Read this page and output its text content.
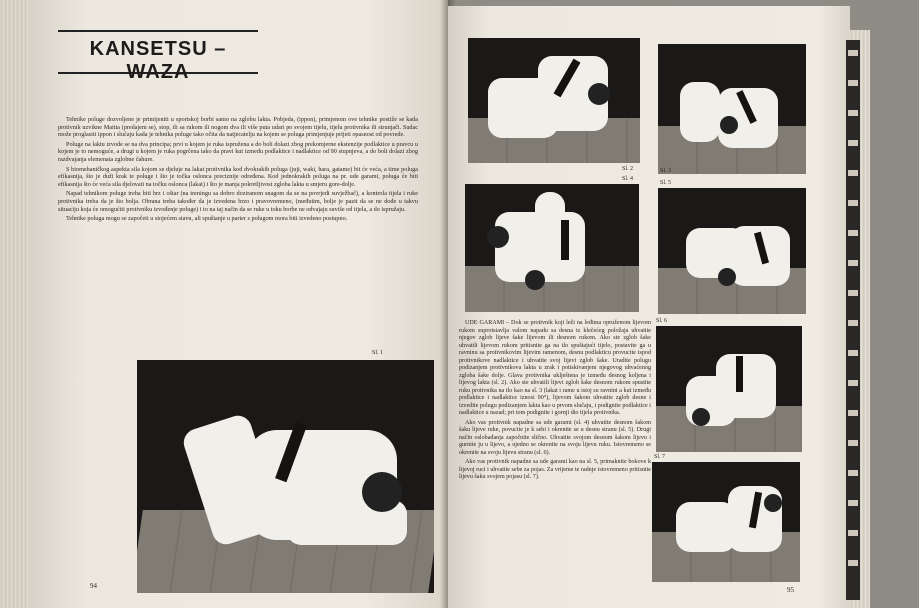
KANSETSU – WAZA

Tehnike poluge dozvoljene je primijeniti u sportskoj borbi samo na zglobu lakta. Pobjeda, (ippon), primjenom ove tehnike postiže se kada protivnik uzvikne Maitta (predajem se), stop, ili sa rukom ili nogom dva ili više puta udari po svojem tijelu, tijelu protivnika ili strunjači. Sudac može proglasiti ippon i slučaju kada je tehnika poluge tako očita da natjecatelju na kojem se poluga primjenjuje prijeti opasnost od povrede.

Poluge na laktu izvode se na dva principa; prvi u kojem je ruka ispružena a do boli dolazi zbog prekomjerne ekstenzije podlaktice u pravcu u kojem je to nemoguće, a drugi u kojem je ruka pogrčena tako da pravi kut između podlaktice i nadlaktice od 90 stupnjeva, a do boli dolazi zbog razdvajanja elemenata zglobne čahure.

S biomehaničkog aspekta sila kojom se djeluje na lakat protivnika kod dvokrakih poluga (juji, waki, hara, gatame) bit će veća, a time poluga efikasnija, što je duži krak te poluge i što je točka oslonca preciznije određena. Kod jednokrakih poluga na pr. ude garami, poluga će biti efikasnija što će veća sila djelovati na točku oslonca (lakat) i što je manja pokretljivost zgloba lakta u smjeru gore-dolje.

Napad tehnikom poluge treba biti brz i oštar (na treningu sa dobro doziranom snagom da se na povrjedi suvježbač), a kontrola tijela i ruke protivnika treba da je što bolja. Obrana treba također da je izvedena brzo i pravovremeno, (međutim, bolje je pazit da se ne dođe u takvu situaciju koja će omogućiti protivniku izvođenje poluge) i to na taj način da se ruke u toku borbe ne odvajaju suviše od tijela, a do ispružaju.

Tehnike poluga mogu se započeti u stojećem stavu, ali spuštanje u parter s polugom mora biti izvedeno postupno.

Sl. 1
94
Sl. 2	Sl. 3
Sl. 4
Sl. 5
Sl. 6
Sl. 7

UDE GARAMI – Dok se protivnik koji leži na leđima opruženom lijevom rukom suprotstavlja valom napadu sa desna iz klečećeg položaja uhvatite njegov zglob lijeve šake lijevom ili desnom rukom. Ako ste zglob šake uhvatili lijevom rukom pritisnite ga na tlo spuštajući tijelo, postavite ga u ravninu sa protivnikovim lijevim ramenom, desnu podlakticu provucite ispod protivnikove nadlaktice i uhvatite svoj lijevi zglob šake. Uradite polugu podizanjem protivnikova lakta u zrak i potiskivanjem njegovog uhvaćenog zgloba šake dolje. Glava protivnika uklještena je između desnog koljena i lijevog lakta (sl. 2). Ako ste uhvatili lijevi zglob šake desnom rukom spustite ruku protivnika na tlo kao na sl. 3 (lakat i rame u istoj su ravnini a kut između podlaktice i nadlaktice iznosi 90°), lijevom šakom uhvatite zglob desne i izvedite polugu podizanjem lakta kao u prvom slučaju, i podignite podlaktice i nadlaktice u nazad; pri tom podignite i gornji dio tijela protivnika.

Ako vas protivnik napadne sa ude garami (sl. 4) uhvatite desnom šakom šaku lijeve ruke, povucite je k sebi i okrenite se u desnu stranu (sl. 5). Drugi način oslobađanja započnite slično. Uhvatite svojom desnom šakom lijevu i gurnite ju u lijevo, a ujedno se okrenite na svoju lijevu ruku. Istovremeno se okrenite na svoju lijevu stranu (sl. 6).

Ako vas protivnik napadne sa ude garami kao na sl. 5, primaknite bokove k lijevoj ruci i uhvatite sebe za pojas. Za vrijeme te radnje istovremeno pritisnite lijevu šaku svojem pojasu (sl. 7).

95
